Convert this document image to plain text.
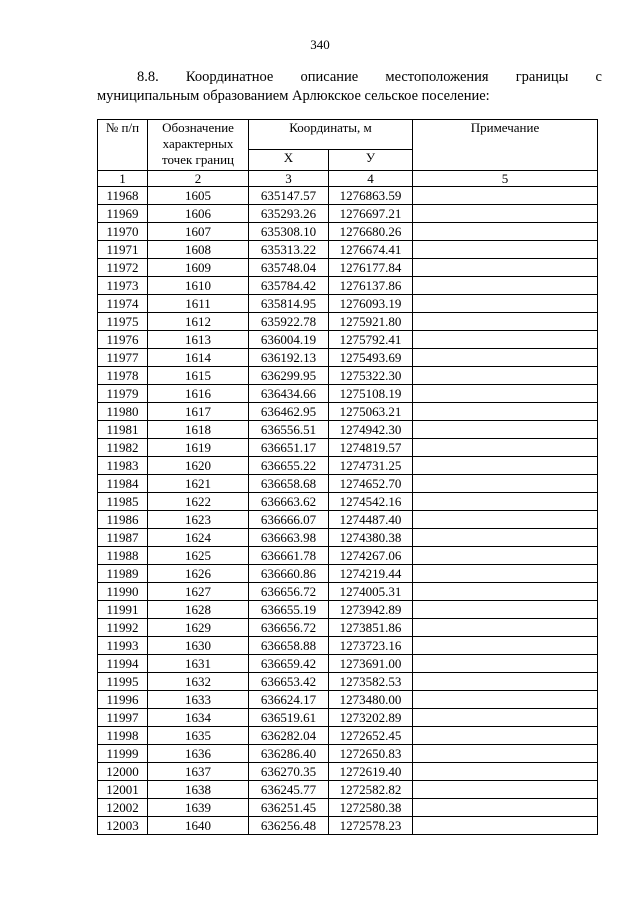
340
8.8. Координатное описание местоположения границы с
муниципальным образованием Арлюкское сельское поселение:
№ п/п	Обозначение характерных точек границ	Координаты, м		Примечание
		Х	У	
1	2	3	4	5
11968	1605	635147.57	1276863.59	
11969	1606	635293.26	1276697.21	
11970	1607	635308.10	1276680.26	
11971	1608	635313.22	1276674.41	
11972	1609	635748.04	1276177.84	
11973	1610	635784.42	1276137.86	
11974	1611	635814.95	1276093.19	
11975	1612	635922.78	1275921.80	
11976	1613	636004.19	1275792.41	
11977	1614	636192.13	1275493.69	
11978	1615	636299.95	1275322.30	
11979	1616	636434.66	1275108.19	
11980	1617	636462.95	1275063.21	
11981	1618	636556.51	1274942.30	
11982	1619	636651.17	1274819.57	
11983	1620	636655.22	1274731.25	
11984	1621	636658.68	1274652.70	
11985	1622	636663.62	1274542.16	
11986	1623	636666.07	1274487.40	
11987	1624	636663.98	1274380.38	
11988	1625	636661.78	1274267.06	
11989	1626	636660.86	1274219.44	
11990	1627	636656.72	1274005.31	
11991	1628	636655.19	1273942.89	
11992	1629	636656.72	1273851.86	
11993	1630	636658.88	1273723.16	
11994	1631	636659.42	1273691.00	
11995	1632	636653.42	1273582.53	
11996	1633	636624.17	1273480.00	
11997	1634	636519.61	1273202.89	
11998	1635	636282.04	1272652.45	
11999	1636	636286.40	1272650.83	
12000	1637	636270.35	1272619.40	
12001	1638	636245.77	1272582.82	
12002	1639	636251.45	1272580.38	
12003	1640	636256.48	1272578.23	
